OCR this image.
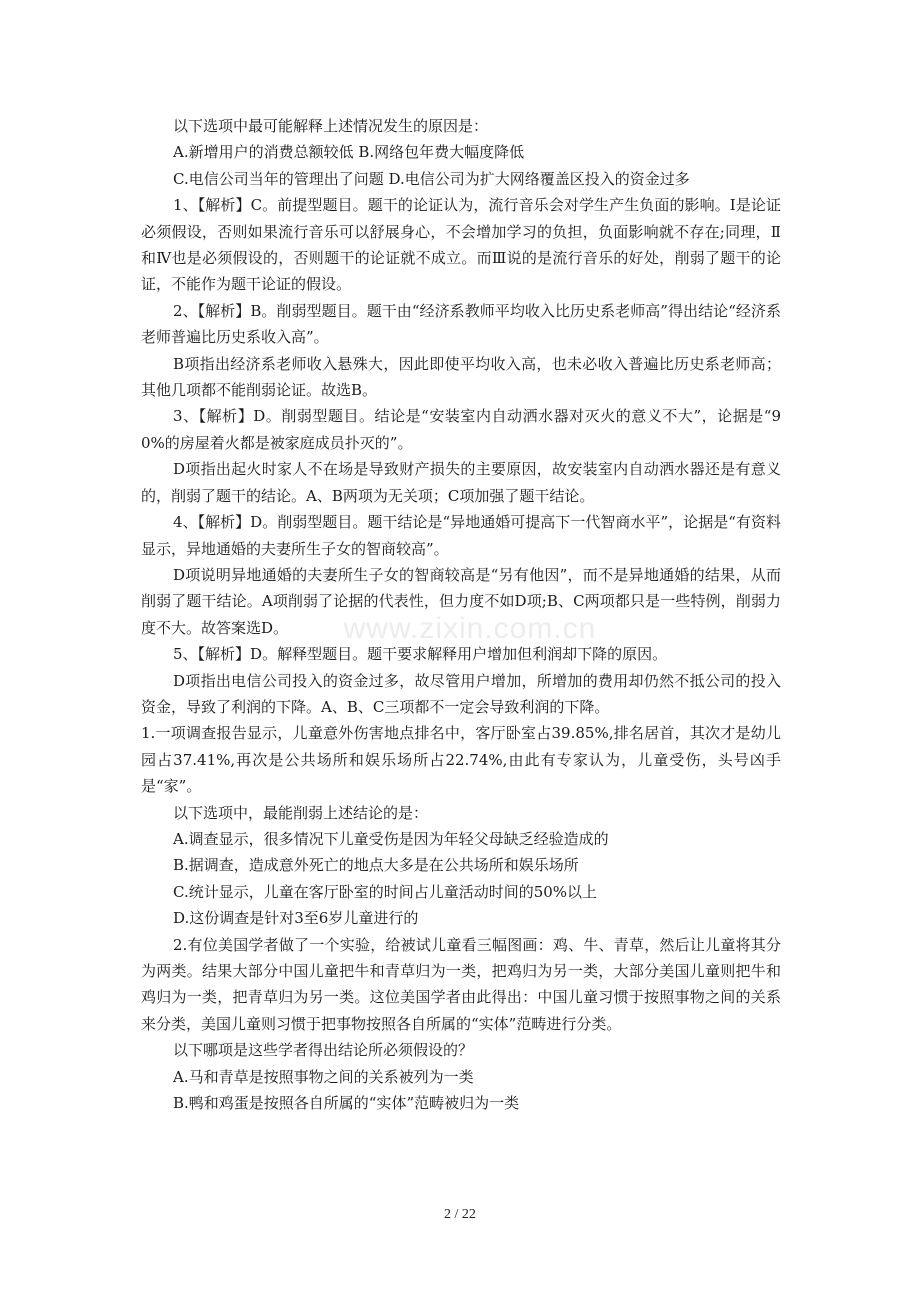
www.zixin.com.cn

以下选项中最可能解释上述情况发生的原因是：

A.新增用户的消费总额较低 B.网络包年费大幅度降低

C.电信公司当年的管理出了问题 D.电信公司为扩大网络覆盖区投入的资金过多

1、【解析】C。前提型题目。题干的论证认为，流行音乐会对学生产生负面的影响。Ⅰ是论证必须假设，否则如果流行音乐可以舒展身心，不会增加学习的负担，负面影响就不存在;同理，Ⅱ和Ⅳ也是必须假设的，否则题干的论证就不成立。而Ⅲ说的是流行音乐的好处，削弱了题干的论证，不能作为题干论证的假设。

2、【解析】B。削弱型题目。题干由“经济系教师平均收入比历史系老师高”得出结论“经济系老师普遍比历史系收入高”。

B项指出经济系老师收入悬殊大，因此即使平均收入高，也未必收入普遍比历史系老师高；其他几项都不能削弱论证。故选B。

3、【解析】D。削弱型题目。结论是“安装室内自动洒水器对灭火的意义不大”，论据是“90%的房屋着火都是被家庭成员扑灭的”。

D项指出起火时家人不在场是导致财产损失的主要原因，故安装室内自动洒水器还是有意义的，削弱了题干的结论。A、B两项为无关项；C项加强了题干结论。

4、【解析】D。削弱型题目。题干结论是“异地通婚可提高下一代智商水平”，论据是“有资料显示，异地通婚的夫妻所生子女的智商较高”。

D项说明异地通婚的夫妻所生子女的智商较高是“另有他因”，而不是异地通婚的结果，从而削弱了题干结论。A项削弱了论据的代表性，但力度不如D项;B、C两项都只是一些特例，削弱力度不大。故答案选D。

5、【解析】D。解释型题目。题干要求解释用户增加但利润却下降的原因。

D项指出电信公司投入的资金过多，故尽管用户增加，所增加的费用却仍然不抵公司的投入资金，导致了利润的下降。A、B、C三项都不一定会导致利润的下降。

1.一项调查报告显示，儿童意外伤害地点排名中，客厅卧室占39.85%,排名居首，其次才是幼儿园占37.41%,再次是公共场所和娱乐场所占22.74%,由此有专家认为，儿童受伤，头号凶手是“家”。

以下选项中，最能削弱上述结论的是：

A.调查显示，很多情况下儿童受伤是因为年轻父母缺乏经验造成的

B.据调查，造成意外死亡的地点大多是在公共场所和娱乐场所

C.统计显示，儿童在客厅卧室的时间占儿童活动时间的50%以上

D.这份调查是针对3至6岁儿童进行的

2.有位美国学者做了一个实验，给被试儿童看三幅图画：鸡、牛、青草，然后让儿童将其分为两类。结果大部分中国儿童把牛和青草归为一类，把鸡归为另一类，大部分美国儿童则把牛和鸡归为一类，把青草归为另一类。这位美国学者由此得出：中国儿童习惯于按照事物之间的关系来分类，美国儿童则习惯于把事物按照各自所属的“实体”范畴进行分类。

以下哪项是这些学者得出结论所必须假设的？

A.马和青草是按照事物之间的关系被列为一类

B.鸭和鸡蛋是按照各自所属的“实体”范畴被归为一类

2 / 22
